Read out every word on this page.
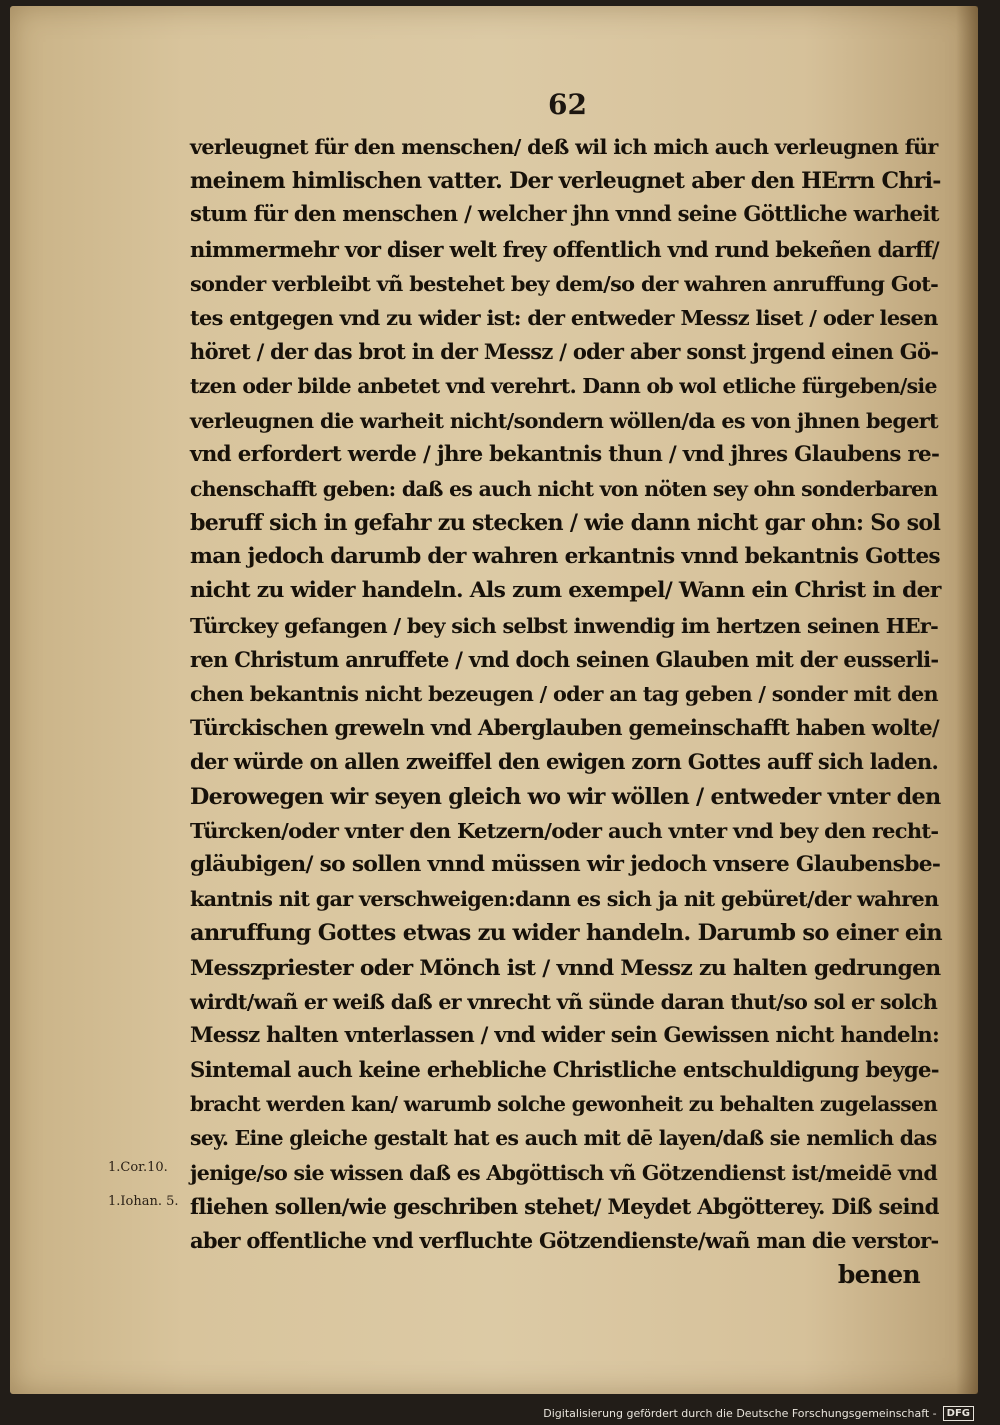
62
verleugnet für den menschen/ deß wil ich mich auch verleugnen für
meinem himlischen vatter. Der verleugnet aber den HErrn Chri-
stum für den menschen / welcher jhn vnnd seine Göttliche warheit
nimmermehr vor diser welt frey offentlich vnd rund bekeñen darff/
sonder verbleibt vñ bestehet bey dem/so der wahren anruffung Got-
tes entgegen vnd zu wider ist: der entweder Messz liset / oder lesen
höret / der das brot in der Messz / oder aber sonst jrgend einen Gö-
tzen oder bilde anbetet vnd verehrt. Dann ob wol etliche fürgeben/sie
verleugnen die warheit nicht/sondern wöllen/da es von jhnen begert
vnd erfordert werde / jhre bekantnis thun / vnd jhres Glaubens re-
chenschafft geben: daß es auch nicht von nöten sey ohn sonderbaren
beruff sich in gefahr zu stecken / wie dann nicht gar ohn: So sol
man jedoch darumb der wahren erkantnis vnnd bekantnis Gottes
nicht zu wider handeln. Als zum exempel/ Wann ein Christ in der
Türckey gefangen / bey sich selbst inwendig im hertzen seinen HEr-
ren Christum anruffete / vnd doch seinen Glauben mit der eusserli-
chen bekantnis nicht bezeugen / oder an tag geben / sonder mit den
Türckischen greweln vnd Aberglauben gemeinschafft haben wolte/
der würde on allen zweiffel den ewigen zorn Gottes auff sich laden.
Derowegen wir seyen gleich wo wir wöllen / entweder vnter den
Türcken/oder vnter den Ketzern/oder auch vnter vnd bey den recht-
gläubigen/ so sollen vnnd müssen wir jedoch vnsere Glaubensbe-
kantnis nit gar verschweigen:dann es sich ja nit gebüret/der wahren
anruffung Gottes etwas zu wider handeln. Darumb so einer ein
Messzpriester oder Mönch ist / vnnd Messz zu halten gedrungen
wirdt/wañ er weiß daß er vnrecht vñ sünde daran thut/so sol er solch
Messz halten vnterlassen / vnd wider sein Gewissen nicht handeln:
Sintemal auch keine erhebliche Christliche entschuldigung beyge-
bracht werden kan/ warumb solche gewonheit zu behalten zugelassen
sey. Eine gleiche gestalt hat es auch mit dē layen/daß sie nemlich das
jenige/so sie wissen daß es Abgöttisch vñ Götzendienst ist/meidē vnd
fliehen sollen/wie geschriben stehet/ Meydet Abgötterey. Diß seind
aber offentliche vnd verfluchte Götzendienste/wañ man die verstor-
benen
1.Cor.10.
1.Iohan. 5.
Digitalisierung gefördert durch die Deutsche Forschungsgemeinschaft -	DFG
